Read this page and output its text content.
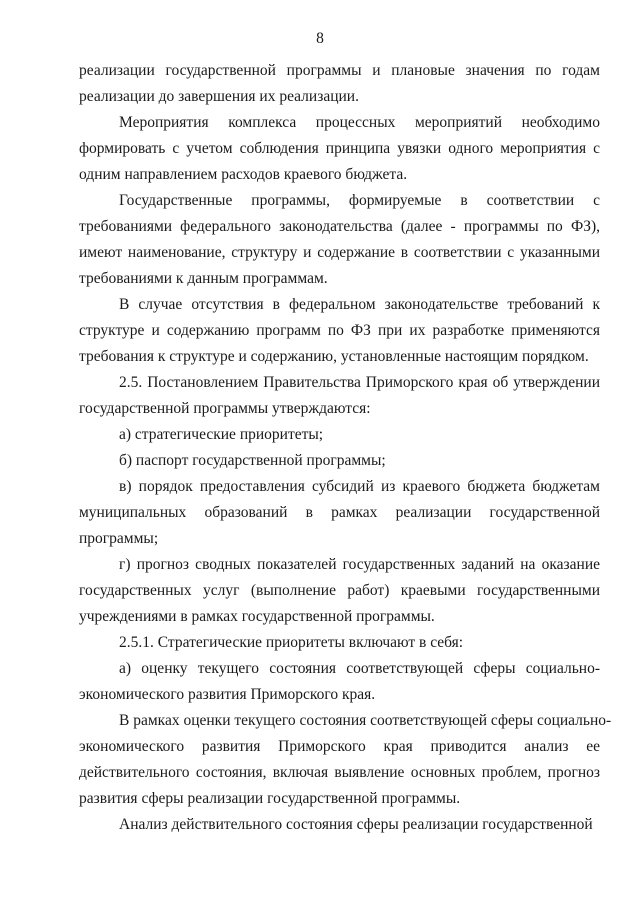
8
реализации государственной программы и плановые значения по годам
реализации до завершения их реализации.
Мероприятия комплекса процессных мероприятий необходимо
формировать с учетом соблюдения принципа увязки одного мероприятия с
одним направлением расходов краевого бюджета.
Государственные программы, формируемые в соответствии с
требованиями федерального законодательства (далее - программы по ФЗ),
имеют наименование, структуру и содержание в соответствии с указанными
требованиями к данным программам.
В случае отсутствия в федеральном законодательстве требований к
структуре и содержанию программ по ФЗ при их разработке применяются
требования к структуре и содержанию, установленные настоящим порядком.
2.5. Постановлением Правительства Приморского края об утверждении
государственной программы утверждаются:
а) стратегические приоритеты;
б) паспорт государственной программы;
в) порядок предоставления субсидий из краевого бюджета бюджетам
муниципальных образований в рамках реализации государственной
программы;
г) прогноз сводных показателей государственных заданий на оказание
государственных услуг (выполнение работ) краевыми государственными
учреждениями в рамках государственной программы.
2.5.1. Стратегические приоритеты включают в себя:
а) оценку текущего состояния соответствующей сферы социально-
экономического развития Приморского края.
В рамках оценки текущего состояния соответствующей сферы социально-
экономического развития Приморского края приводится анализ ее
действительного состояния, включая выявление основных проблем, прогноз
развития сферы реализации государственной программы.
Анализ действительного состояния сферы реализации государственной
